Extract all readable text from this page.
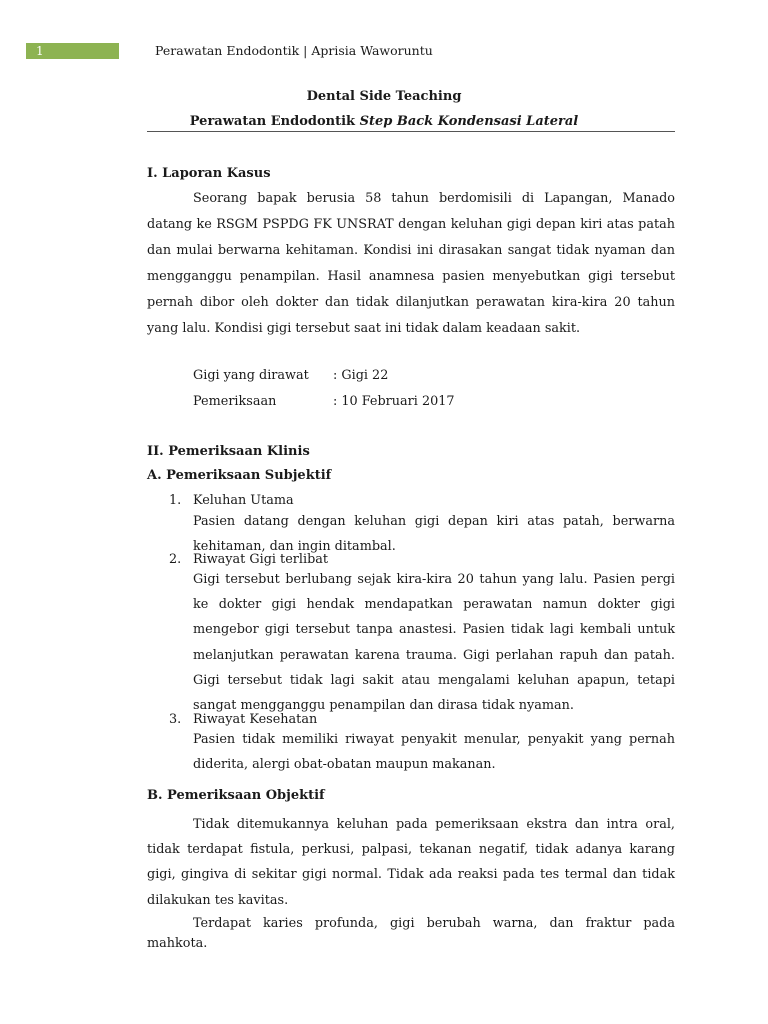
1	Perawatan Endodontik | Aprisia Waworuntu
Dental Side Teaching
Perawatan Endodontik Step Back Kondensasi Lateral
I. Laporan Kasus

Seorang bapak berusia 58 tahun berdomisili di Lapangan, Manado datang ke RSGM PSPDG FK UNSRAT dengan keluhan gigi depan kiri atas patah dan mulai berwarna kehitaman. Kondisi ini dirasakan sangat tidak nyaman dan mengganggu penampilan. Hasil anamnesa pasien menyebutkan gigi tersebut pernah dibor oleh dokter dan tidak dilanjutkan perawatan kira-kira 20 tahun yang lalu. Kondisi gigi tersebut saat ini tidak dalam keadaan sakit.

Gigi yang dirawat : Gigi 22
Pemeriksaan	: 10 Februari 2017
II. Pemeriksaan Klinis
A. Pemeriksaan Subjektif
1. Keluhan Utama

Pasien datang dengan keluhan gigi depan kiri atas patah, berwarna kehitaman, dan ingin ditambal.

2. Riwayat Gigi terlibat

Gigi tersebut berlubang sejak kira-kira 20 tahun yang lalu. Pasien pergi ke dokter gigi hendak mendapatkan perawatan namun dokter gigi mengebor gigi tersebut tanpa anastesi. Pasien tidak lagi kembali untuk melanjutkan perawatan karena trauma. Gigi perlahan rapuh dan patah. Gigi tersebut tidak lagi sakit atau mengalami keluhan apapun, tetapi sangat mengganggu penampilan dan dirasa tidak nyaman.

3. Riwayat Kesehatan

Pasien tidak memiliki riwayat penyakit menular, penyakit yang pernah diderita, alergi obat-obatan maupun makanan.

B. Pemeriksaan Objektif

Tidak ditemukannya keluhan pada pemeriksaan ekstra dan intra oral, tidak terdapat fistula, perkusi, palpasi, tekanan negatif, tidak adanya karang gigi, gingiva di sekitar gigi normal. Tidak ada reaksi pada tes termal dan tidak dilakukan tes kavitas.

Terdapat karies profunda, gigi berubah warna, dan fraktur pada mahkota.
